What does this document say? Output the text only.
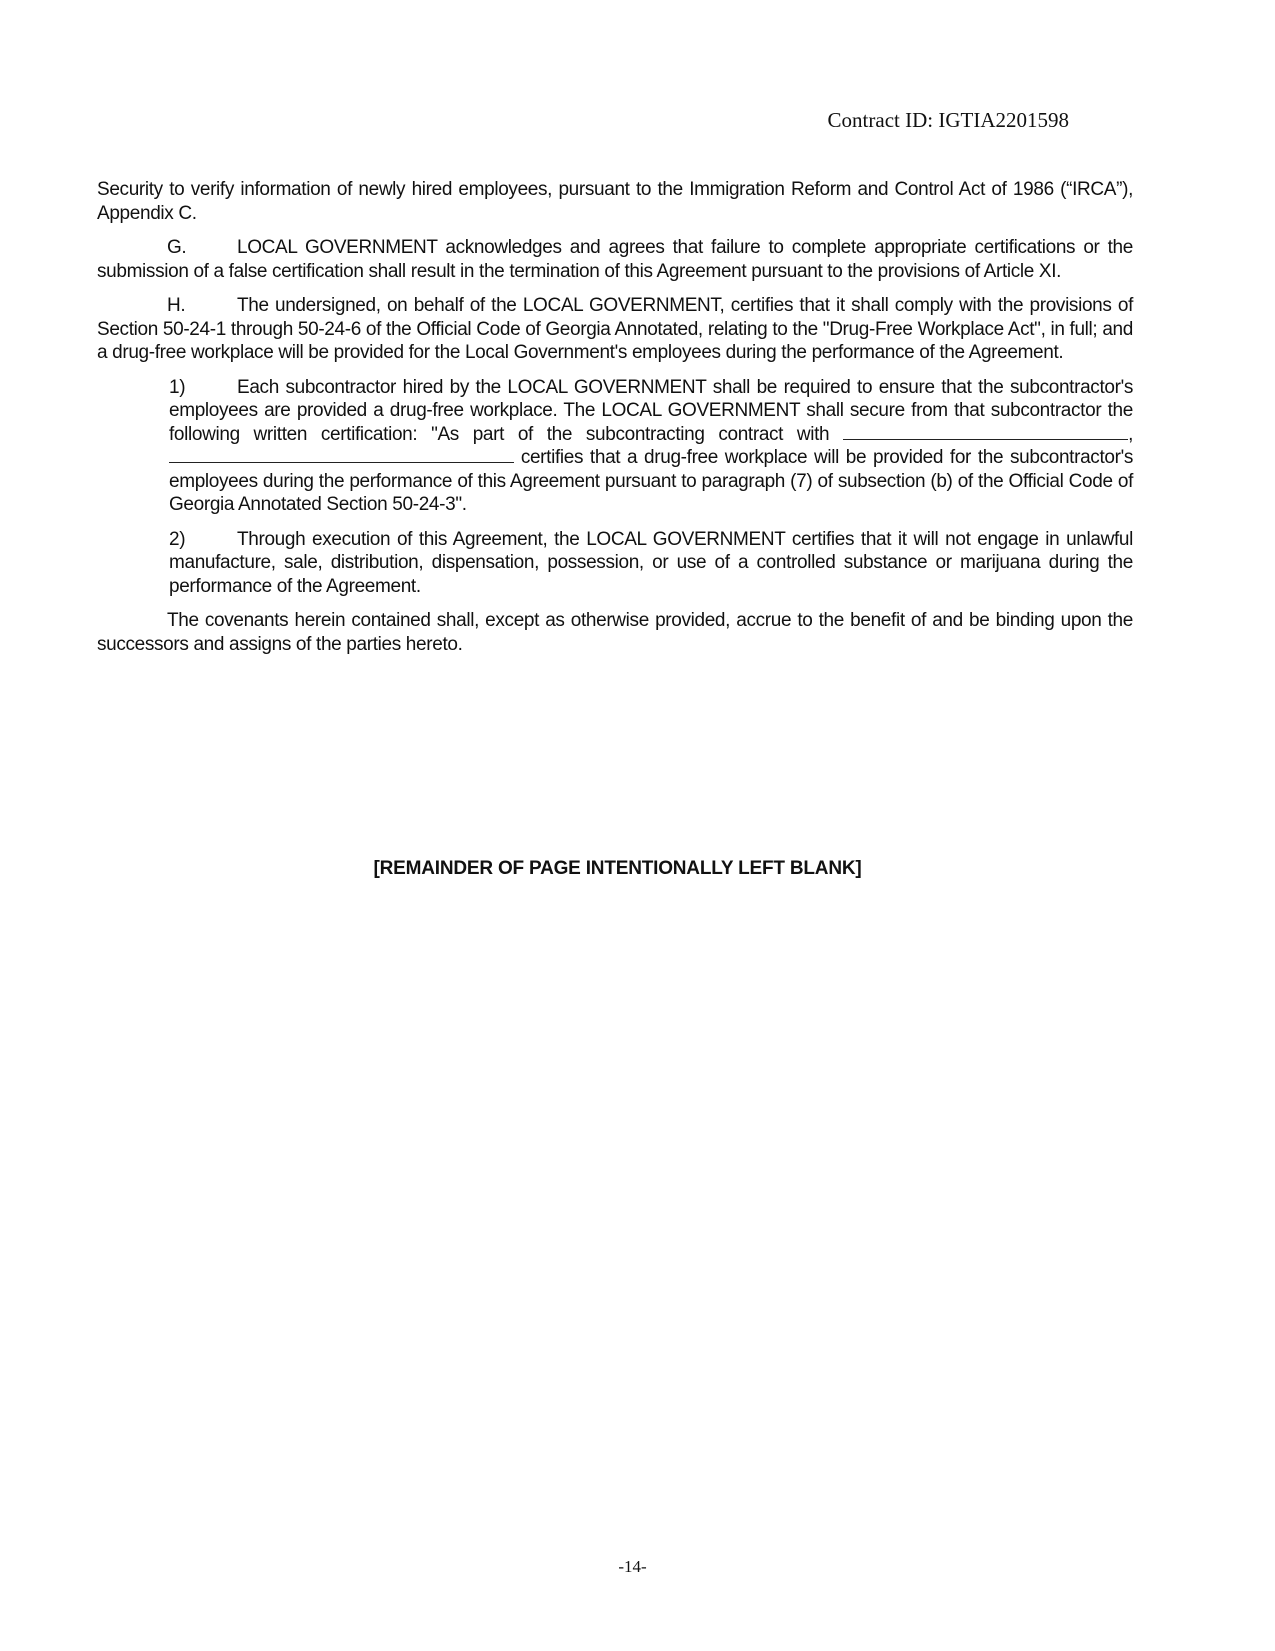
Contract ID: IGTIA2201598

Security to verify information of newly hired employees, pursuant to the Immigration Reform and Control Act of 1986 (“IRCA”), Appendix C.

G.	LOCAL GOVERNMENT acknowledges and agrees that failure to complete appropriate certifications or the submission of a false certification shall result in the termination of this Agreement pursuant to the provisions of Article XI.

H.	The undersigned, on behalf of the LOCAL GOVERNMENT, certifies that it shall comply with the provisions of Section 50-24-1 through 50-24-6 of the Official Code of Georgia Annotated, relating to the "Drug-Free Workplace Act", in full; and a drug-free workplace will be provided for the Local Government's employees during the performance of the Agreement.

1)	Each subcontractor hired by the LOCAL GOVERNMENT shall be required to ensure that the subcontractor's employees are provided a drug-free workplace. The LOCAL GOVERNMENT shall secure from that subcontractor the following written certification: "As part of the subcontracting contract with	,  certifies that a drug-free workplace will be provided for the subcontractor's employees during the performance of this Agreement pursuant to paragraph (7) of subsection (b) of the Official Code of Georgia Annotated Section 50-24-3".

2)	Through execution of this Agreement, the LOCAL GOVERNMENT certifies that it will not engage in unlawful manufacture, sale, distribution, dispensation, possession, or use of a controlled substance or marijuana during the performance of the Agreement.

The covenants herein contained shall, except as otherwise provided, accrue to the benefit of and be binding upon the successors and assigns of the parties hereto.

[REMAINDER OF PAGE INTENTIONALLY LEFT BLANK]
-14-
